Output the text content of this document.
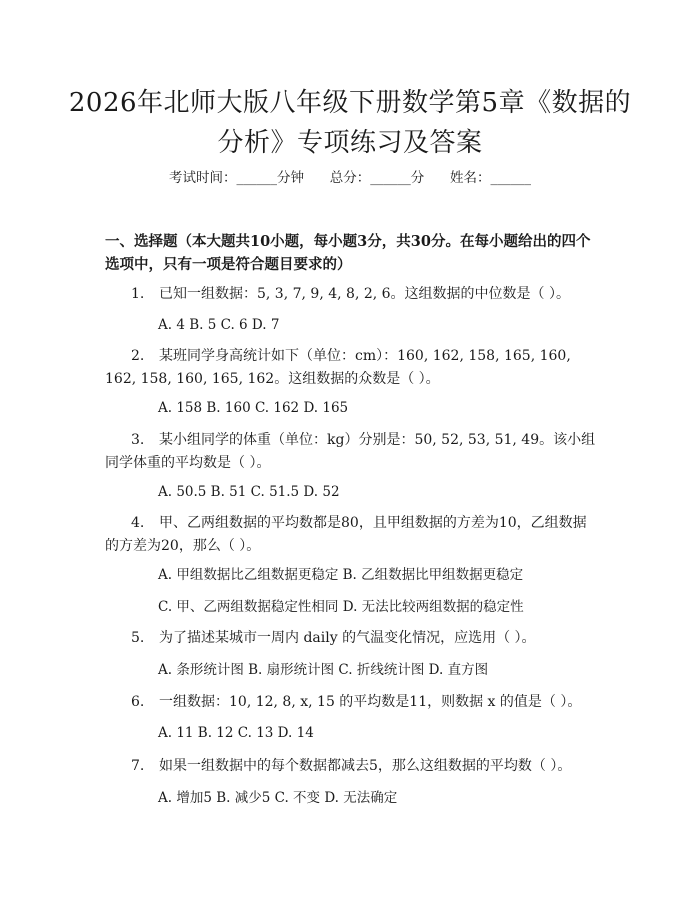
2026年北师大版八年级下册数学第5章《数据的分析》专项练习及答案
考试时间：______分钟      总分：______分      姓名：______

一、选择题（本大题共10小题，每小题3分，共30分。在每小题给出的四个选项中，只有一项是符合题目要求的）

1. 已知一组数据：5, 3, 7, 9, 4, 8, 2, 6。这组数据的中位数是（ ）。

A. 4 B. 5 C. 6 D. 7

2. 某班同学身高统计如下（单位：cm）：160, 162, 158, 165, 160, 162, 158, 160, 165, 162。这组数据的众数是（ ）。

A. 158 B. 160 C. 162 D. 165

3. 某小组同学的体重（单位：kg）分别是：50, 52, 53, 51, 49。该小组同学体重的平均数是（ ）。

A. 50.5 B. 51 C. 51.5 D. 52

4. 甲、乙两组数据的平均数都是80，且甲组数据的方差为10，乙组数据的方差为20，那么（ ）。

A. 甲组数据比乙组数据更稳定 B. 乙组数据比甲组数据更稳定

C. 甲、乙两组数据稳定性相同 D. 无法比较两组数据的稳定性

5. 为了描述某城市一周内 daily 的气温变化情况，应选用（ ）。

A. 条形统计图 B. 扇形统计图 C. 折线统计图 D. 直方图

6. 一组数据：10, 12, 8, x, 15 的平均数是11，则数据 x 的值是（ ）。

A. 11 B. 12 C. 13 D. 14

7. 如果一组数据中的每个数据都减去5，那么这组数据的平均数（ ）。

A. 增加5 B. 减少5 C. 不变 D. 无法确定
